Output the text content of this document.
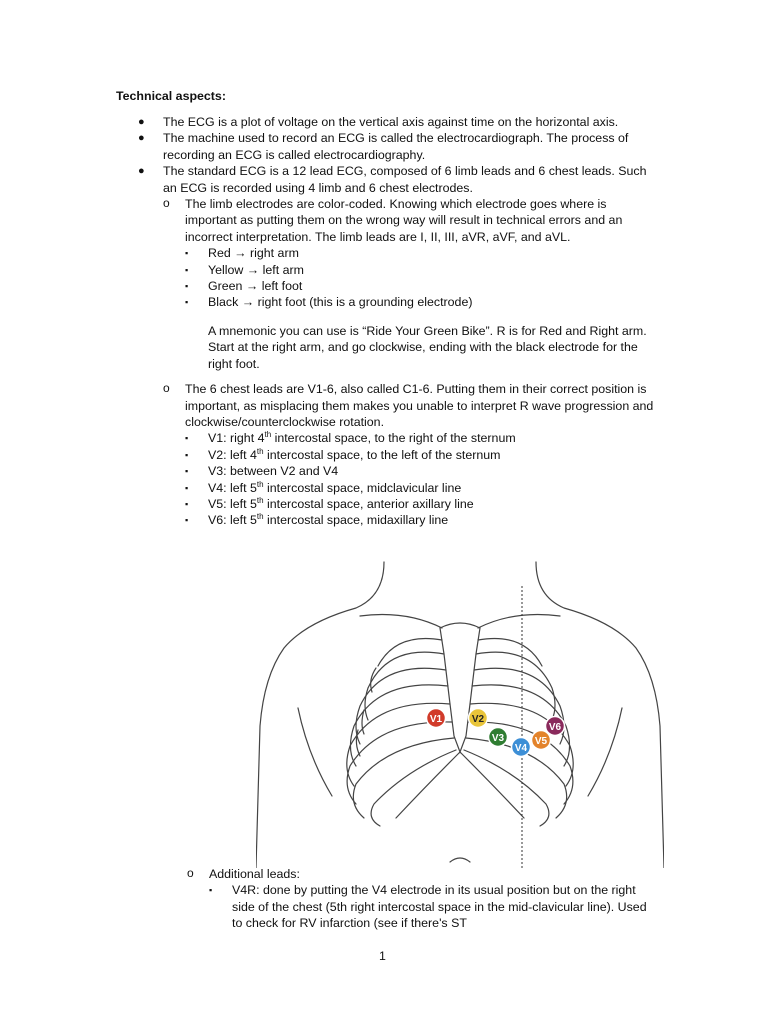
Technical aspects:

● The ECG is a plot of voltage on the vertical axis against time on the horizontal axis.
● The machine used to record an ECG is called the electrocardiograph. The process of recording an ECG is called electrocardiography.
● The standard ECG is a 12 lead ECG, composed of 6 limb leads and 6 chest leads. Such an ECG is recorded using 4 limb and 6 chest electrodes.
o The limb electrodes are color-coded. Knowing which electrode goes where is important as putting them on the wrong way will result in technical errors and an incorrect interpretation. The limb leads are I, II, III, aVR, aVF, and aVL.
▪ Red → right arm
▪ Yellow → left arm
▪ Green → left foot
▪ Black → right foot (this is a grounding electrode)

A mnemonic you can use is “Ride Your Green Bike”. R is for Red and Right arm. Start at the right arm, and go clockwise, ending with the black electrode for the right foot.

o The 6 chest leads are V1-6, also called C1-6. Putting them in their correct position is important, as misplacing them makes you unable to interpret R wave progression and clockwise/counterclockwise rotation.
▪ V1: right 4th intercostal space, to the right of the sternum
▪ V2: left 4th intercostal space, to the left of the sternum
▪ V3: between V2 and V4
▪ V4: left 5th intercostal space, midclavicular line
▪ V5: left 5th intercostal space, anterior axillary line
▪ V6: left 5th intercostal space, midaxillary line
V1	V2
V3
V4
V5
V6
o Additional leads:
▪ V4R: done by putting the V4 electrode in its usual position but on the right side of the chest (5th right intercostal space in the mid-clavicular line). Used to check for RV infarction (see if there's ST
1
